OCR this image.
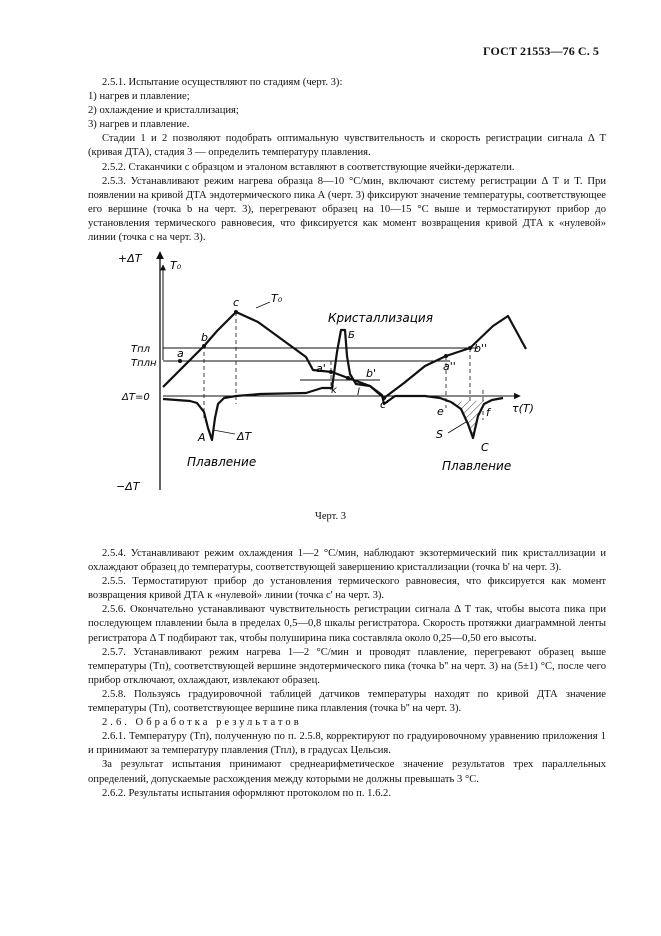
ГОСТ 21553—76 С. 5

2.5.1. Испытание осуществляют по стадиям (черт. 3):

1) нагрев и плавление;

2) охлаждение и кристаллизация;

3) нагрев и плавление.

Стадии 1 и 2 позволяют подобрать оптимальную чувствительность и скорость регистрации сигнала Δ T (кривая ДТА), стадия 3 — определить температуру плавления.

2.5.2. Стаканчики с образцом и эталоном вставляют в соответствующие ячейки-держатели.

2.5.3. Устанавливают режим нагрева образца 8—10 °С/мин, включают систему регистрации Δ T и T. При появлении на кривой ДТА эндотермического пика А (черт. 3) фиксируют значение температуры, соответствующее его вершине (точка b на черт. 3), перегревают образец на 10—15 °С выше и термостатируют прибор до установления термического равновесия, что фиксируется как момент возвращения кривой ДТА к «нулевой» линии (точка c на черт. 3).

+ΔT
T₀
−ΔT
τ(T)
Tпл
Tплн
ΔT=0
Кристаллизация
Плавление	Плавление
ΔT
T₀
a
b
c
A
Б
a'	b'
k l
c'
a''
b''
e	f
S
C
Черт. 3

2.5.4. Устанавливают режим охлаждения 1—2 °С/мин, наблюдают экзотермический пик кристаллизации и охлаждают образец до температуры, соответствующей завершению кристаллизации (точка b' на черт. 3).

2.5.5. Термостатируют прибор до установления термического равновесия, что фиксируется как момент возвращения кривой ДТА к «нулевой» линии (точка c' на черт. 3).

2.5.6. Окончательно устанавливают чувствительность регистрации сигнала Δ T так, чтобы высота пика при последующем плавлении была в пределах 0,5—0,8 шкалы регистратора. Скорость протяжки диаграммной ленты регистратора Δ T подбирают так, чтобы полуширина пика составляла около 0,25—0,50 его высоты.

2.5.7. Устанавливают режим нагрева 1—2 °С/мин и проводят плавление, перегревают образец выше температуры (Tп), соответствующей вершине эндотермического пика (точка b'' на черт. 3) на (5±1) °С, после чего прибор отключают, охлаждают, извлекают образец.

2.5.8. Пользуясь градуировочной таблицей датчиков температуры находят по кривой ДТА значение температуры (Tп), соответствующее вершине пика плавления (точка b'' на черт. 3).

2.6. Обработка результатов

2.6.1. Температуру (Tп), полученную по п. 2.5.8, корректируют по градуировочному уравнению приложения 1 и принимают за температуру плавления (Tпл), в градусах Цельсия.

За результат испытания принимают среднеарифметическое значение результатов трех параллельных определений, допускаемые расхождения между которыми не должны превышать 3 °С.

2.6.2. Результаты испытания оформляют протоколом по п. 1.6.2.
